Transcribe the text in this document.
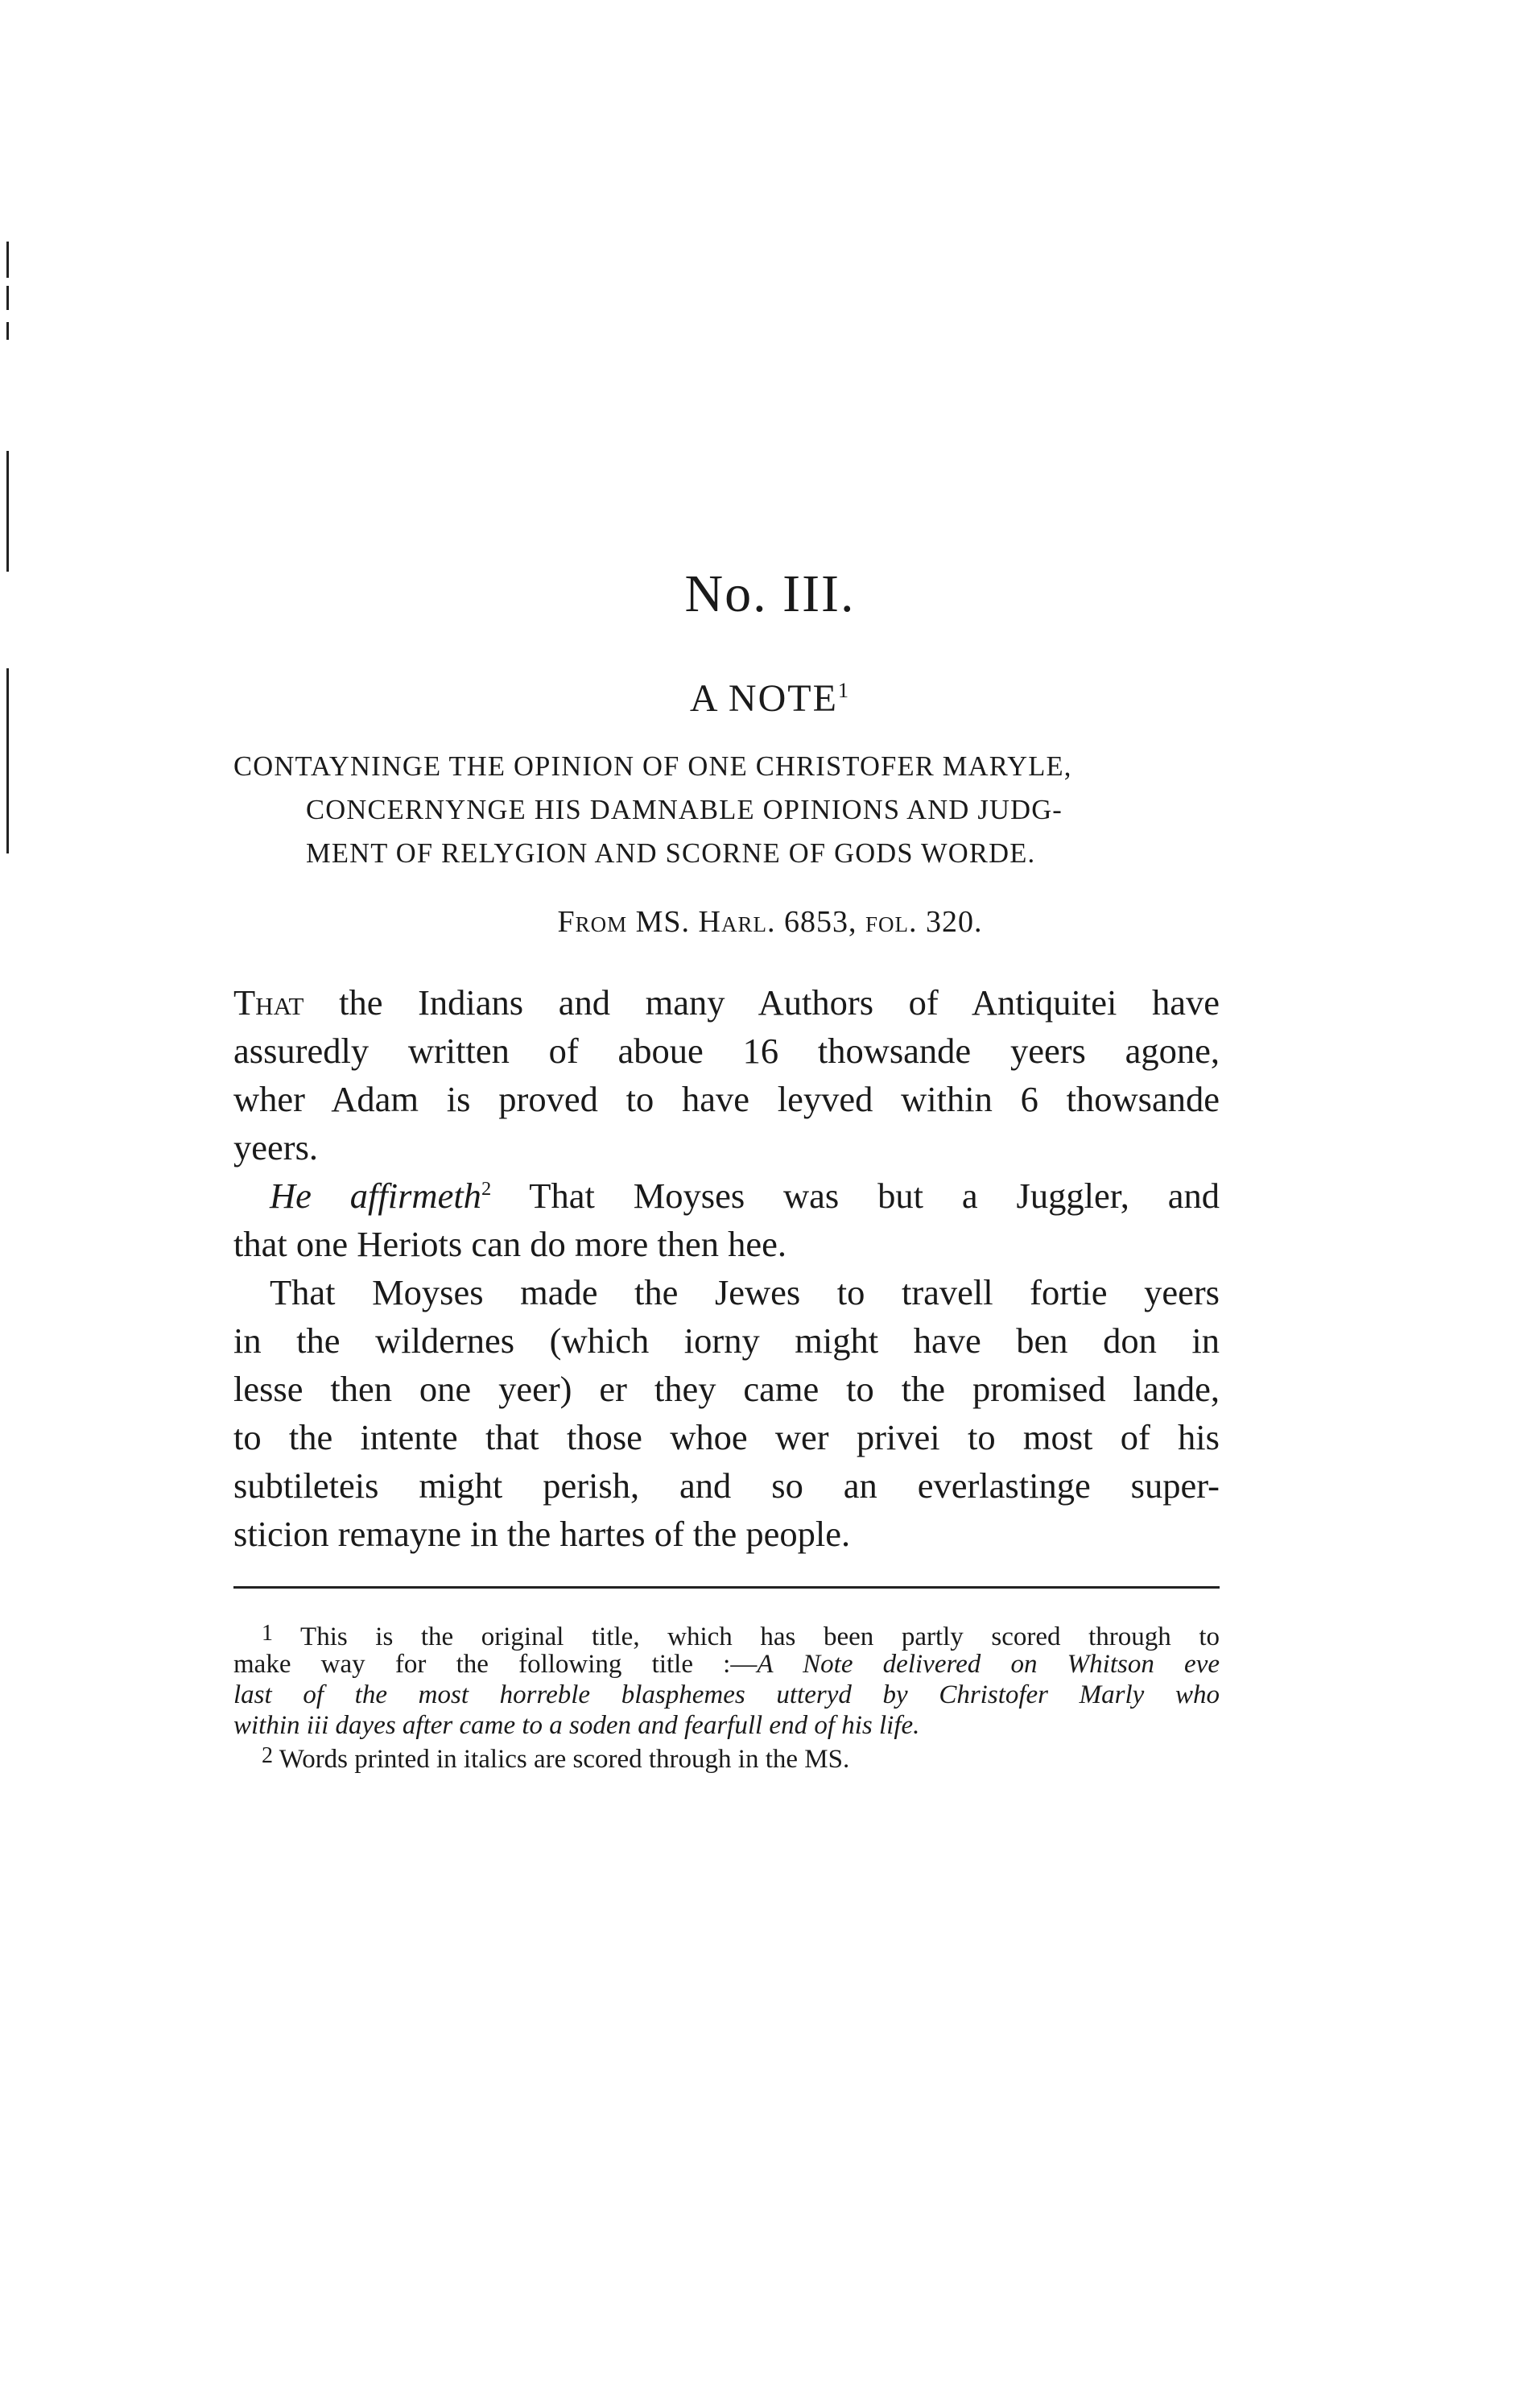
No. III.
A NOTE$^1$
CONTAYNINGE THE OPINION OF ONE CHRISTOFER MARYLE,
CONCERNYNGE HIS DAMNABLE OPINIONS AND JUDG-
MENT OF RELYGION AND SCORNE OF GODS WORDE.
From MS. Harl. 6853, fol. 320.
That the Indians and many Authors of Antiquitei have
assuredly written of aboue 16 thowsande yeers agone,
wher Adam is proved to have leyved within 6 thowsande
yeers.
He affirmeth$^2$ That Moyses was but a Juggler, and
that one Heriots can do more then hee.
That Moyses made the Jewes to travell fortie yeers
in the wildernes (which iorny might have ben don in
lesse then one yeer) er they came to the promised lande,
to the intente that those whoe wer privei to most of his
subtileteis might perish, and so an everlastinge super-
sticion remayne in the hartes of the people.
1 This is the original title, which has been partly scored through to
make way for the following title :—A Note delivered on Whitson eve
last of the most horreble blasphemes utteryd by Christofer Marly who
within iii dayes after came to a soden and fearfull end of his life.
2 Words printed in italics are scored through in the MS.
